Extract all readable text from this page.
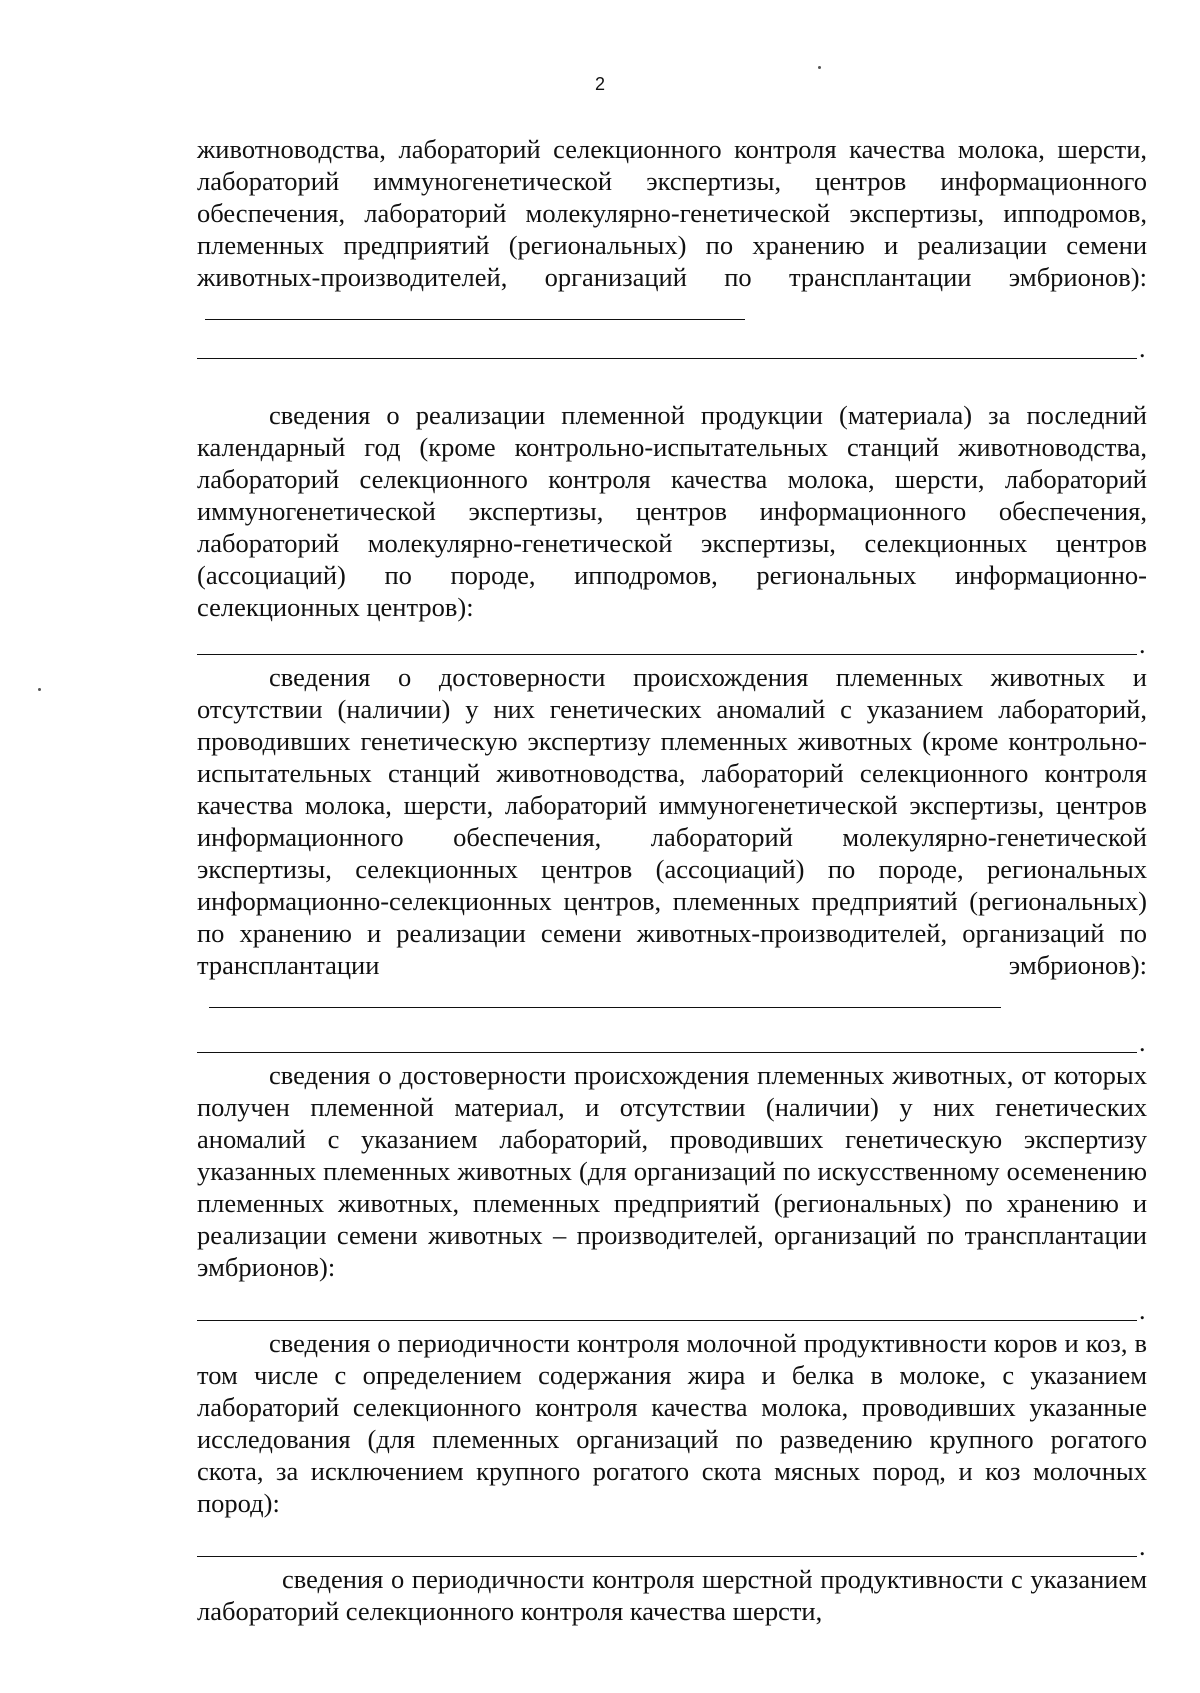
2

животноводства, лабораторий селекционного контроля качества молока, шерсти, лабораторий иммуногенетической экспертизы, центров информационного обеспечения, лабораторий молекулярно-генетической экспертизы, ипподромов, племенных предприятий (региональных) по хранению и реализации семени животных-производителей, организаций по трансплантации эмбрионов):

.

сведения о реализации племенной продукции (материала) за последний календарный год (кроме контрольно-испытательных станций животноводства, лабораторий селекционного контроля качества молока, шерсти, лабораторий иммуногенетической экспертизы, центров информационного обеспечения, лабораторий молекулярно-генетической экспертизы, селекционных центров (ассоциаций) по породе, ипподромов, региональных информационно-селекционных центров):

.

сведения о достоверности происхождения племенных животных и отсутствии (наличии) у них генетических аномалий с указанием лабораторий, проводивших генетическую экспертизу племенных животных (кроме контрольно-испытательных станций животноводства, лабораторий селекционного контроля качества молока, шерсти, лабораторий иммуногенетической экспертизы, центров информационного обеспечения, лабораторий молекулярно-генетической экспертизы, селекционных центров (ассоциаций) по породе, региональных информационно-селекционных центров, племенных предприятий (региональных) по хранению и реализации семени животных-производителей, организаций по трансплантации эмбрионов):

.

сведения о достоверности происхождения племенных животных, от которых получен племенной материал, и отсутствии (наличии) у них генетических аномалий с указанием лабораторий, проводивших генетическую экспертизу указанных племенных животных (для организаций по искусственному осеменению племенных животных, племенных предприятий (региональных) по хранению и реализации семени животных – производителей, организаций по трансплантации эмбрионов):

.

сведения о периодичности контроля молочной продуктивности коров и коз, в том числе с определением содержания жира и белка в молоке, с указанием лабораторий селекционного контроля качества молока, проводивших указанные исследования (для племенных организаций по разведению крупного рогатого скота, за исключением крупного рогатого скота мясных пород, и коз молочных пород):

.

сведения о периодичности контроля шерстной продуктивности с указанием лабораторий селекционного контроля качества шерсти,
